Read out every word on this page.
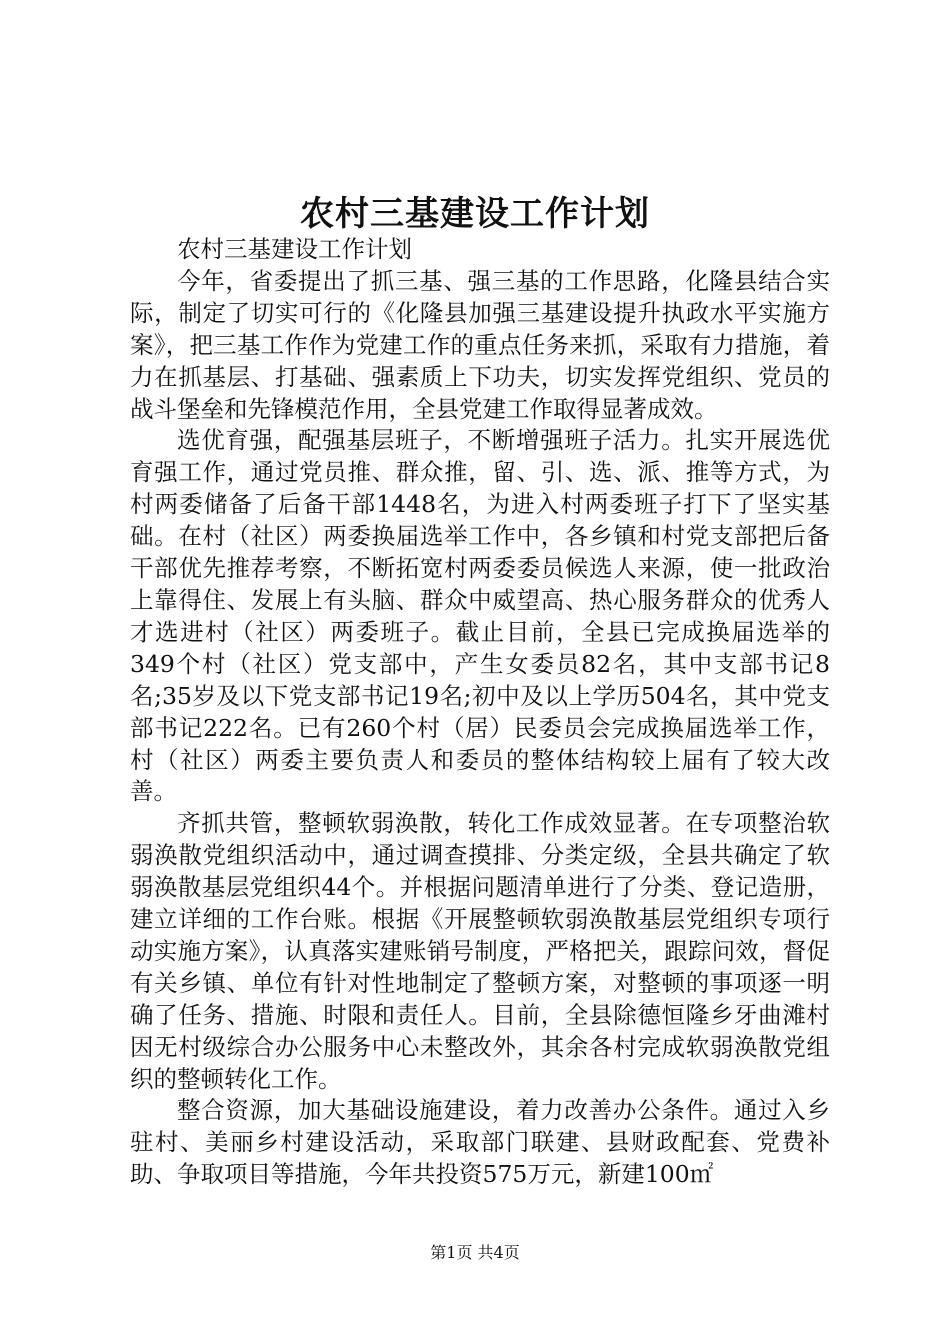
农村三基建设工作计划

农村三基建设工作计划

今年，省委提出了抓三基、强三基的工作思路，化隆县结合实际，制定了切实可行的《化隆县加强三基建设提升执政水平实施方案》，把三基工作作为党建工作的重点任务来抓，采取有力措施，着力在抓基层、打基础、强素质上下功夫，切实发挥党组织、党员的战斗堡垒和先锋模范作用，全县党建工作取得显著成效。

选优育强，配强基层班子，不断增强班子活力。扎实开展选优育强工作，通过党员推、群众推，留、引、选、派、推等方式，为村两委储备了后备干部1448名，为进入村两委班子打下了坚实基础。在村（社区）两委换届选举工作中，各乡镇和村党支部把后备干部优先推荐考察，不断拓宽村两委委员候选人来源，使一批政治上靠得住、发展上有头脑、群众中威望高、热心服务群众的优秀人才选进村（社区）两委班子。截止目前，全县已完成换届选举的349个村（社区）党支部中，产生女委员82名，其中支部书记8名;35岁及以下党支部书记19名;初中及以上学历504名，其中党支部书记222名。已有260个村（居）民委员会完成换届选举工作，村（社区）两委主要负责人和委员的整体结构较上届有了较大改善。

齐抓共管，整顿软弱涣散，转化工作成效显著。在专项整治软弱涣散党组织活动中，通过调查摸排、分类定级，全县共确定了软弱涣散基层党组织44个。并根据问题清单进行了分类、登记造册，建立详细的工作台账。根据《开展整顿软弱涣散基层党组织专项行动实施方案》，认真落实建账销号制度，严格把关，跟踪问效，督促有关乡镇、单位有针对性地制定了整顿方案，对整顿的事项逐一明确了任务、措施、时限和责任人。目前，全县除德恒隆乡牙曲滩村因无村级综合办公服务中心未整改外，其余各村完成软弱涣散党组织的整顿转化工作。

整合资源，加大基础设施建设，着力改善办公条件。通过入乡驻村、美丽乡村建设活动，采取部门联建、县财政配套、党费补助、争取项目等措施，今年共投资575万元，新建100㎡

第1页 共4页
